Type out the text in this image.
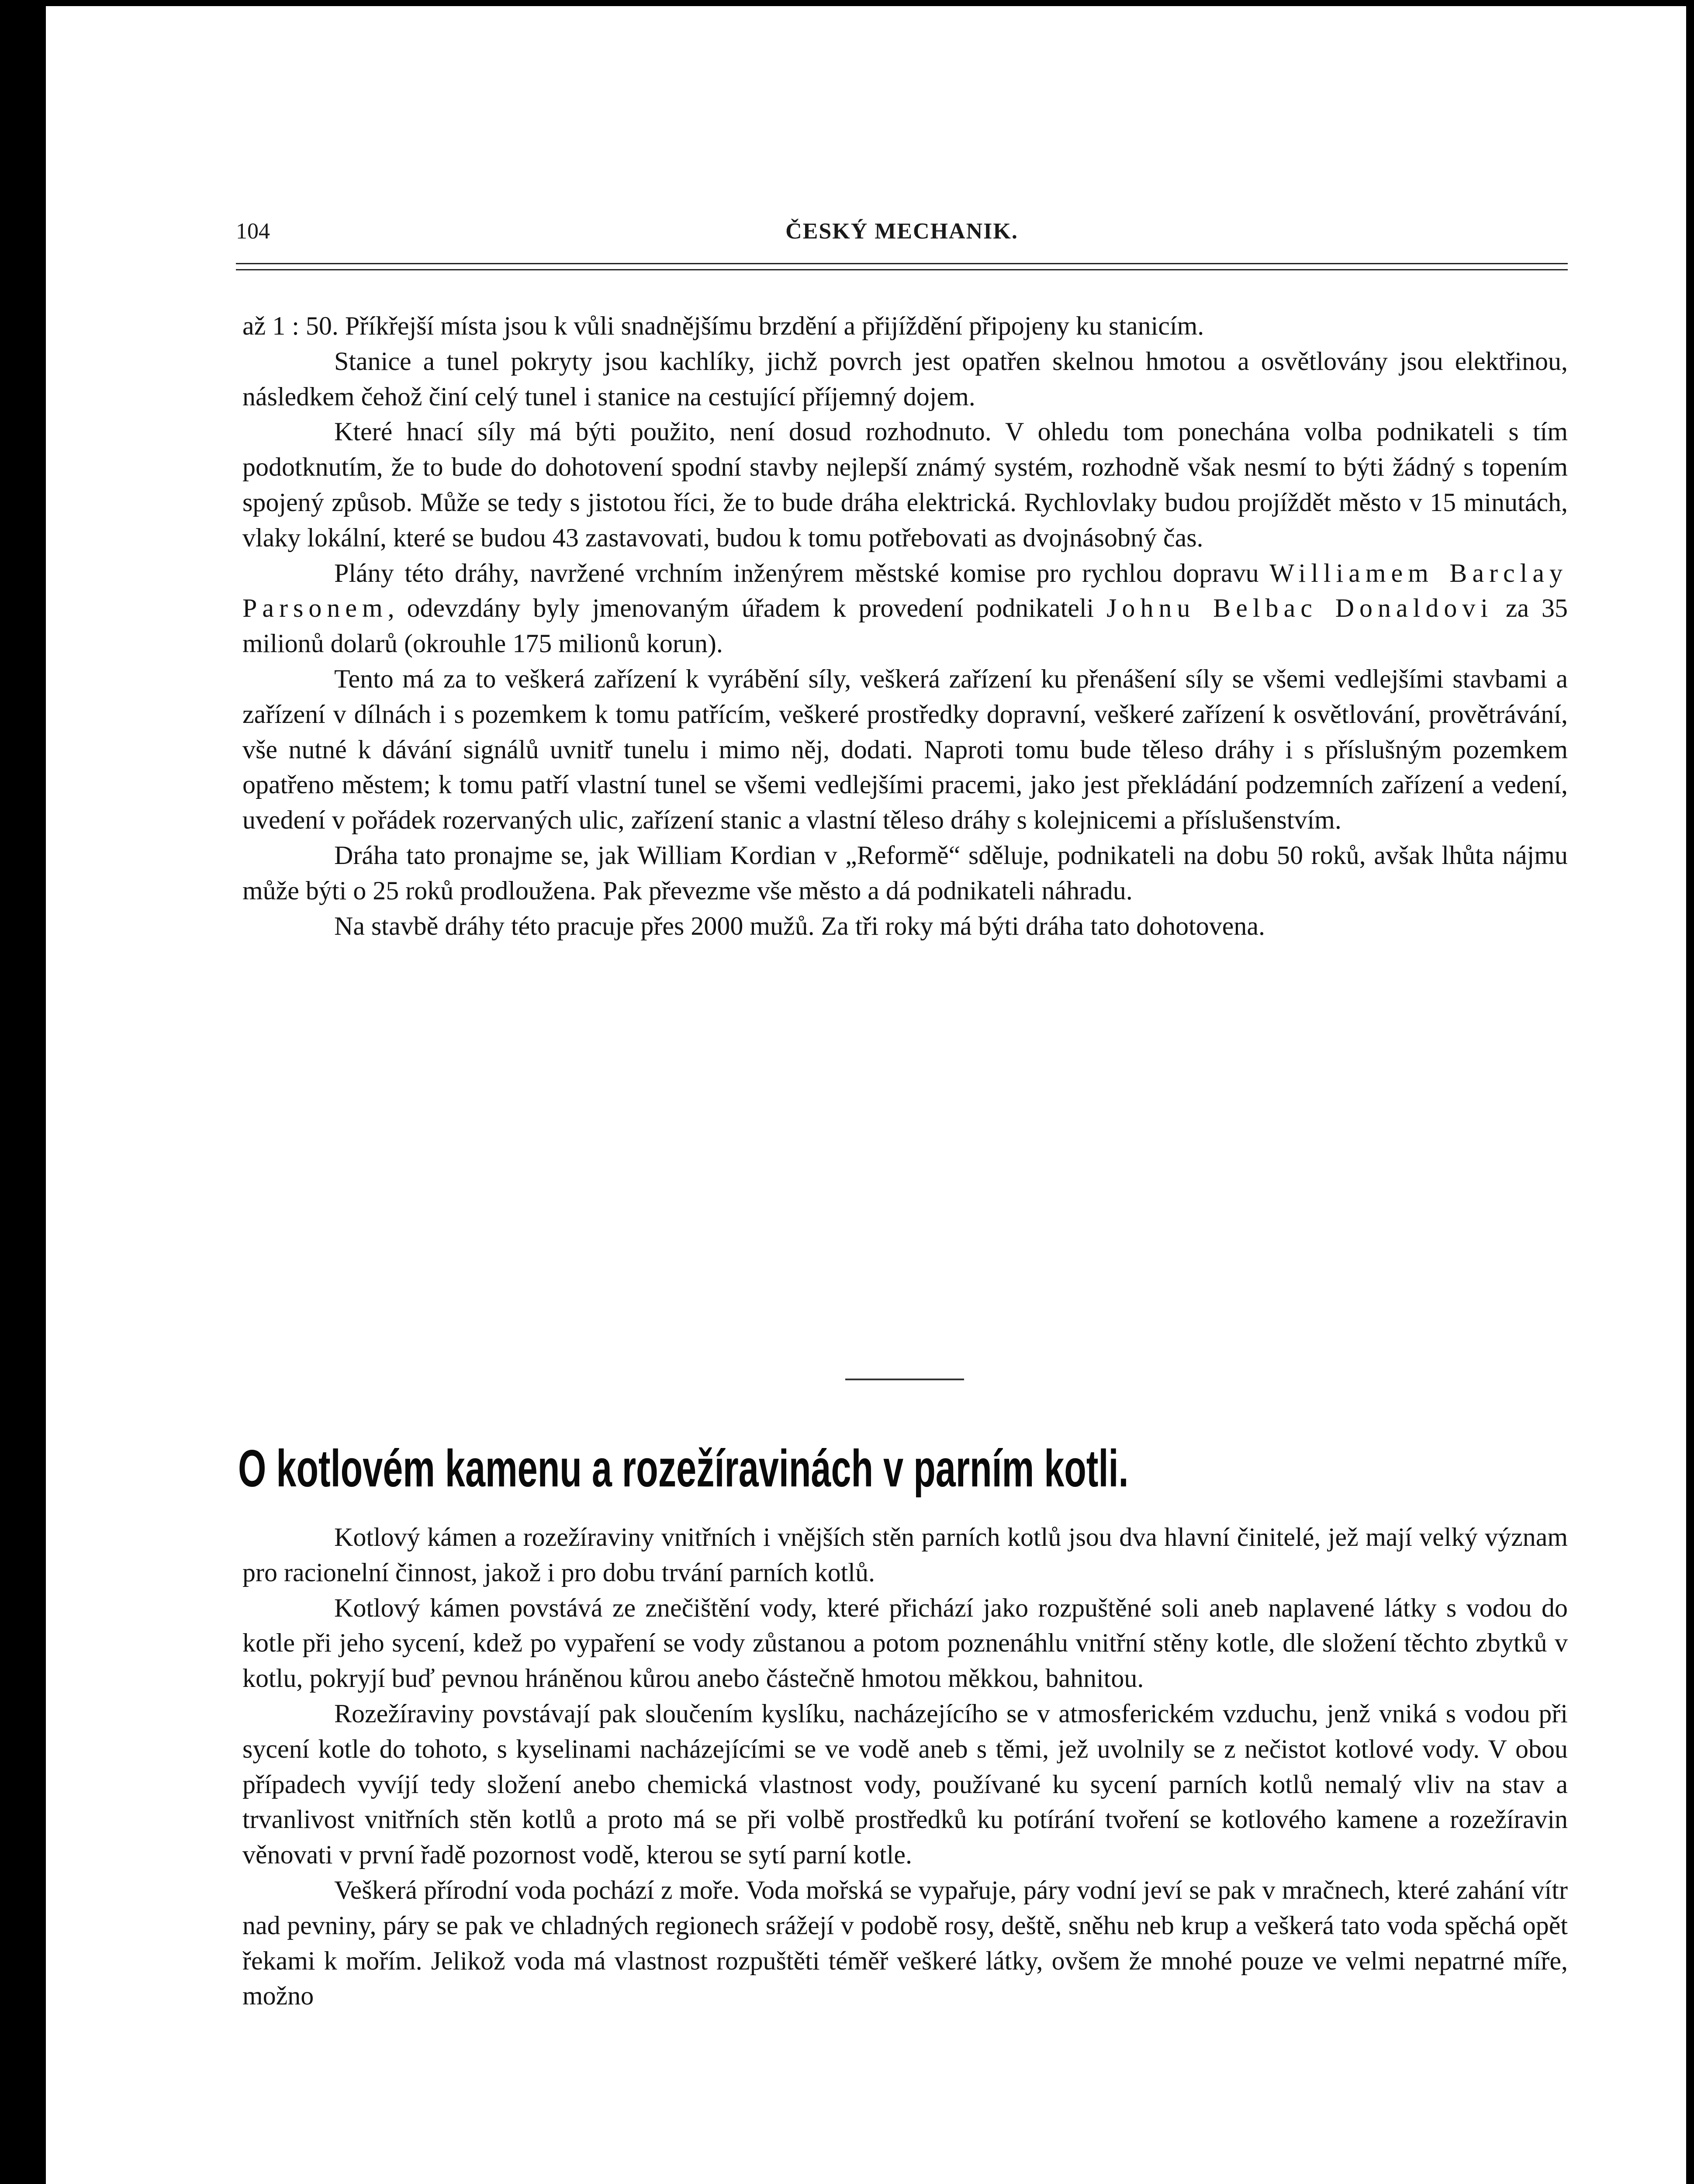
104	ČESKÝ MECHANIK.

až 1 : 50. Příkřejší místa jsou k vůli snadnějšímu brzdění a přijíždění připojeny ku stanicím.

Stanice a tunel pokryty jsou kachlíky, jichž povrch jest opatřen skelnou hmotou a osvětlovány jsou elektřinou, následkem čehož činí celý tunel i stanice na cestující příjemný dojem.

Které hnací síly má býti použito, není dosud rozhodnuto. V ohledu tom ponechána volba podnikateli s tím podotknutím, že to bude do dohotovení spodní stavby nejlepší známý systém, rozhodně však nesmí to býti žádný s topením spojený způsob. Může se tedy s jistotou říci, že to bude dráha elektrická. Rychlovlaky budou projíždět město v 15 minutách, vlaky lokální, které se budou 43 zastavovati, budou k tomu potřebovati as dvojnásobný čas.

Plány této dráhy, navržené vrchním inženýrem městské komise pro rychlou dopravu Williamem Barclay Parsonem, odevzdány byly jmenovaným úřadem k provedení podnikateli Johnu Belbac Donaldovi za 35 milionů dolarů (okrouhle 175 milionů korun).

Tento má za to veškerá zařízení k vyrábění síly, veškerá zařízení ku přenášení síly se všemi vedlejšími stavbami a zařízení v dílnách i s pozemkem k tomu patřícím, veškeré prostředky dopravní, veškeré zařízení k osvětlování, provětrávání, vše nutné k dávání signálů uvnitř tunelu i mimo něj, dodati. Naproti tomu bude těleso dráhy i s příslušným pozemkem opatřeno městem; k tomu patří vlastní tunel se všemi vedlejšími pracemi, jako jest překládání podzemních zařízení a vedení, uvedení v pořádek rozervaných ulic, zařízení stanic a vlastní těleso dráhy s kolejnicemi a příslušenstvím.

Dráha tato pronajme se, jak William Kordian v „Reformě“ sděluje, podnikateli na dobu 50 roků, avšak lhůta nájmu může býti o 25 roků prodloužena. Pak převezme vše město a dá podnikateli náhradu.

Na stavbě dráhy této pracuje přes 2000 mužů. Za tři roky má býti dráha tato dohotovena.

O kotlovém kamenu a rozežíravinách v parním kotli.

Kotlový kámen a rozežíraviny vnitřních i vnějších stěn parních kotlů jsou dva hlavní činitelé, jež mají velký význam pro racionelní činnost, jakož i pro dobu trvání parních kotlů.

Kotlový kámen povstává ze znečištění vody, které přichází jako rozpuštěné soli aneb naplavené látky s vodou do kotle při jeho sycení, kdež po vypaření se vody zůstanou a potom poznenáhlu vnitřní stěny kotle, dle složení těchto zbytků v kotlu, pokryjí buď pevnou hráněnou kůrou anebo částečně hmotou měkkou, bahnitou.

Rozežíraviny povstávají pak sloučením kyslíku, nacházejícího se v atmosferickém vzduchu, jenž vniká s vodou při sycení kotle do tohoto, s kyselinami nacházejícími se ve vodě aneb s těmi, jež uvolnily se z nečistot kotlové vody. V obou případech vyvíjí tedy složení anebo chemická vlastnost vody, používané ku sycení parních kotlů nemalý vliv na stav a trvanlivost vnitřních stěn kotlů a proto má se při volbě prostředků ku potírání tvoření se kotlového kamene a rozežíravin věnovati v první řadě pozornost vodě, kterou se sytí parní kotle.

Veškerá přírodní voda pochází z moře. Voda mořská se vypařuje, páry vodní jeví se pak v mračnech, které zahání vítr nad pevniny, páry se pak ve chladných regionech srážejí v podobě rosy, deště, sněhu neb krup a veškerá tato voda spěchá opět řekami k mořím. Jelikož voda má vlastnost rozpuštěti téměř veškeré látky, ovšem že mnohé pouze ve velmi nepatrné míře, možno
